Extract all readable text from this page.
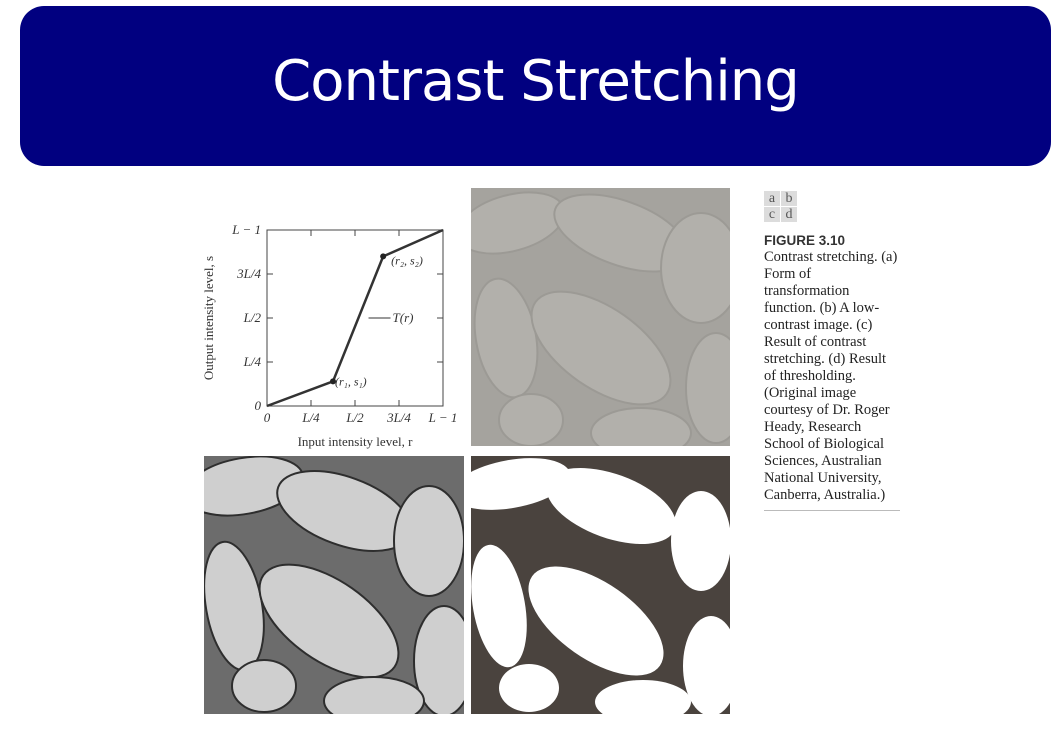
Contrast Stretching
0
0
L/4
L/4
L/2
L/2
3L/4
3L/4
L − 1
L − 1
(r₁, s₁)
(r₂, s₂)
T(r)
Input intensity level, r
Output intensity level, s
a b
c d
FIGURE 3.10
Contrast stretching. (a) Form of transformation function. (b) A low-contrast image. (c) Result of contrast stretching. (d) Result of thresholding. (Original image courtesy of Dr. Roger Heady, Research School of Biological Sciences, Australian National University, Canberra, Australia.)
